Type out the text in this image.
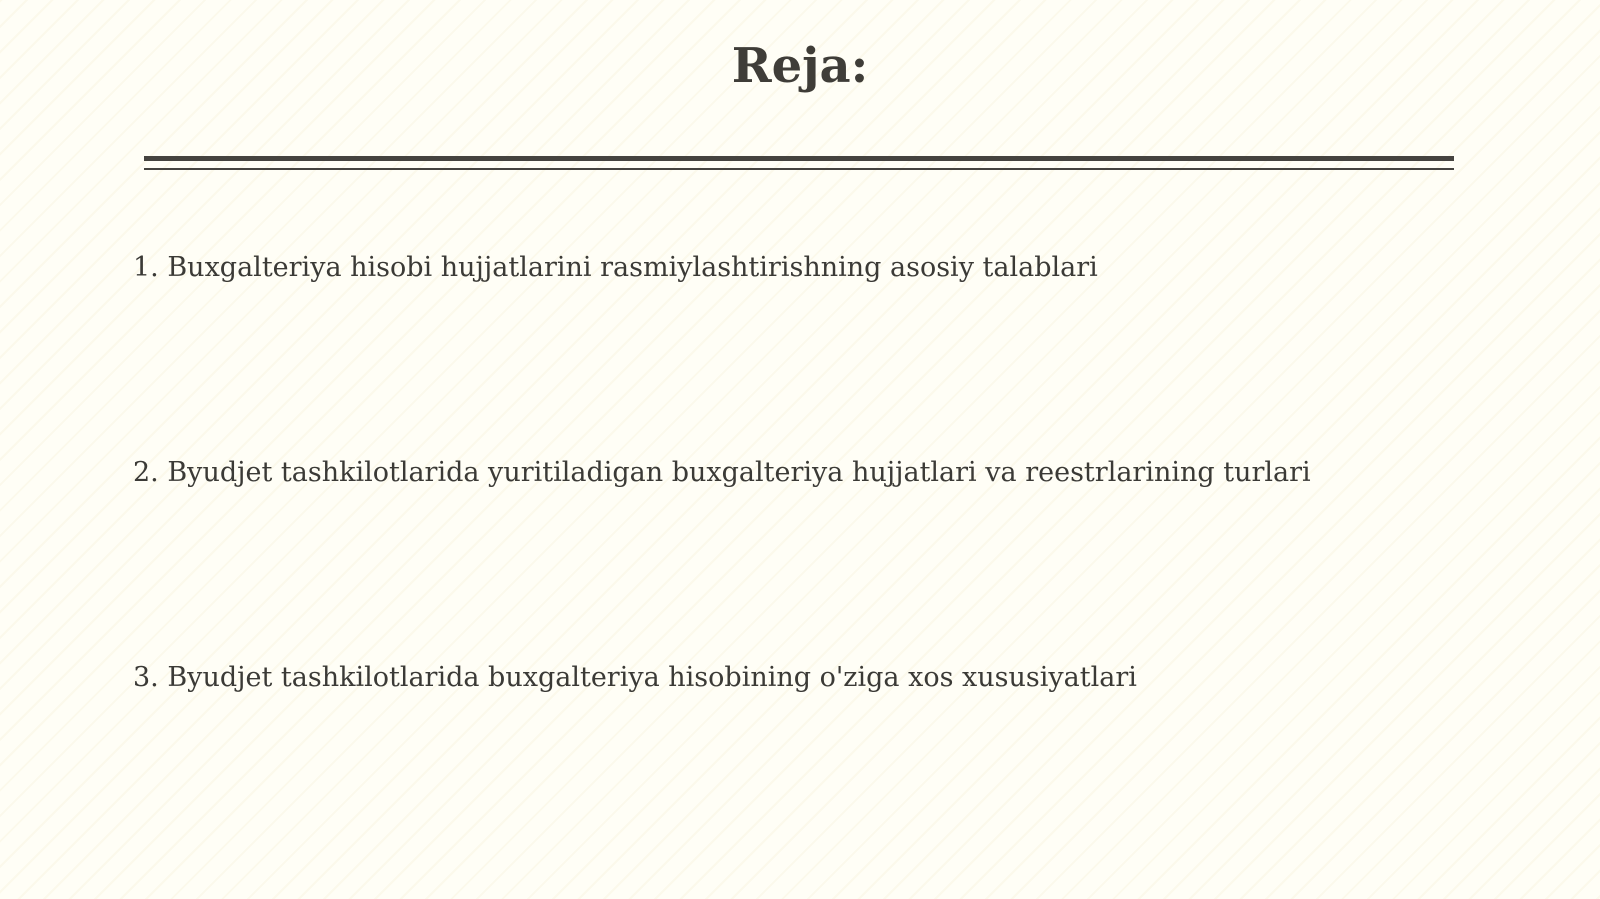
Reja:
1. Buxgalteriya hisobi hujjatlarini rasmiylashtirishning asosiy talablari
2. Byudjet tashkilotlarida yuritiladigan buxgalteriya hujjatlari va reestrlarining turlari
3. Byudjet tashkilotlarida buxgalteriya hisobining o'ziga xos xususiyatlari
